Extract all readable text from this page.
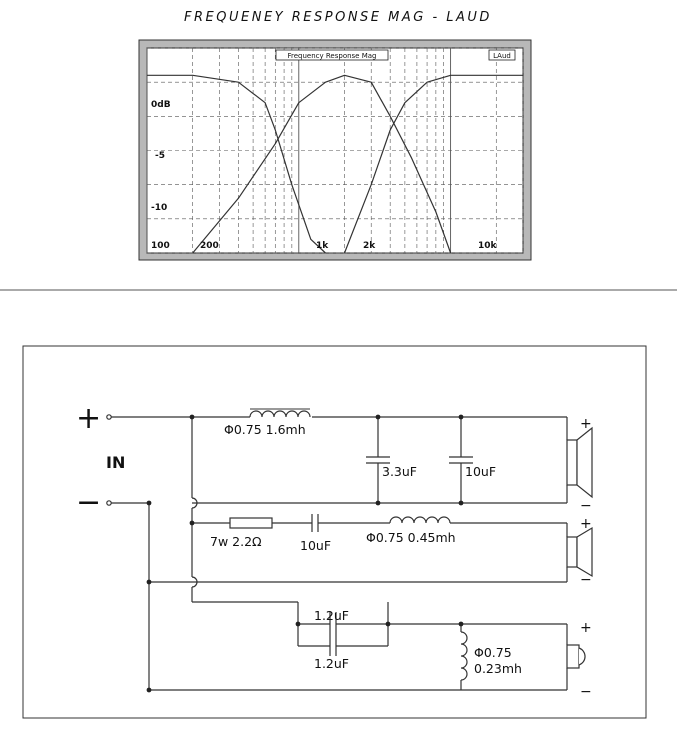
FREQUENEY RESPONSE MAG - LAUD
Frequency Response Mag	LAud
0dB
-5
-10
100	200	1k	2k	10k
+
−
IN
Φ0.75 1.6mh
3.3uF	10uF
7w 2.2Ω	10uF
Φ0.75 0.45mh
1.2uF
1.2uF
Φ0.75
0.23mh
+
−
+
−
+
−
